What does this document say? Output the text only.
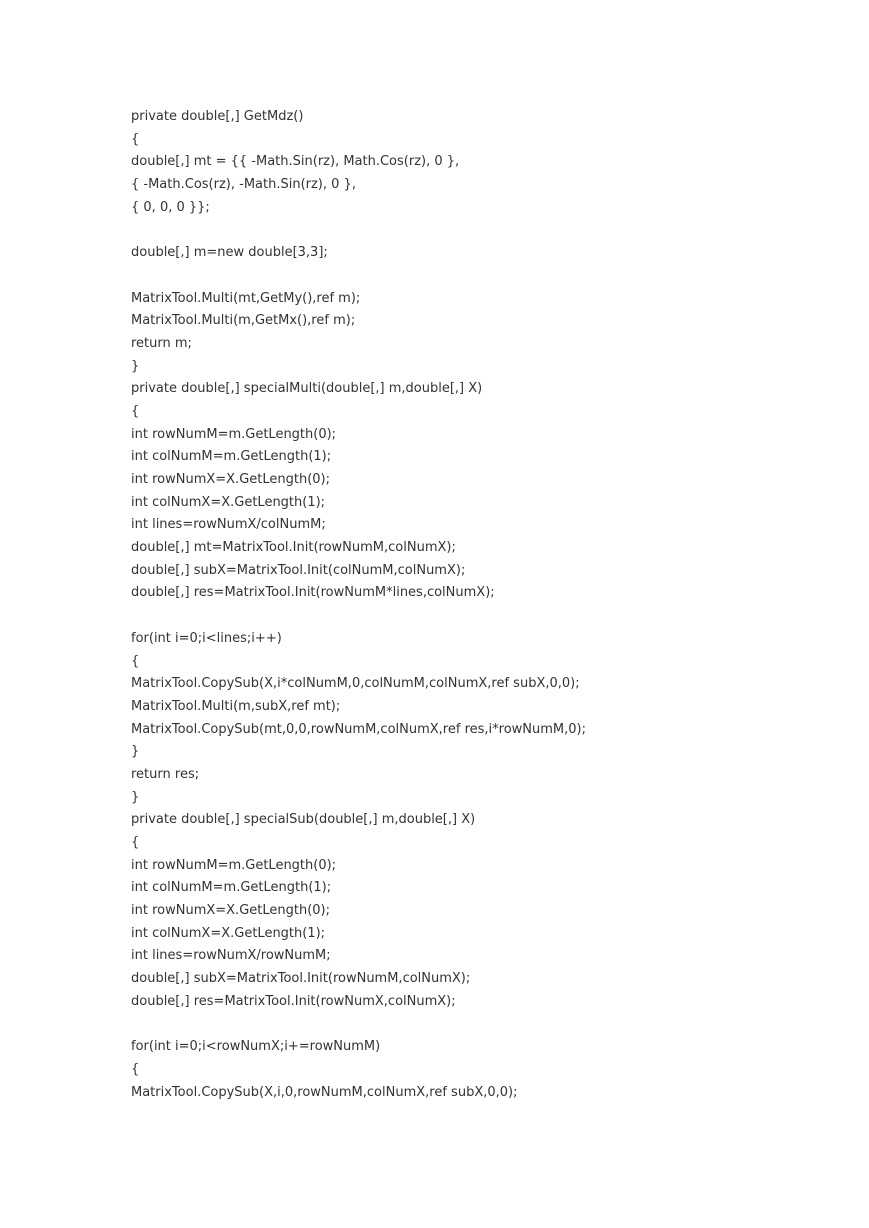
private double[,] GetMdz()
{
double[,] mt = {{ -Math.Sin(rz), Math.Cos(rz), 0 },
{ -Math.Cos(rz), -Math.Sin(rz), 0 },
{ 0, 0, 0 }};
double[,] m=new double[3,3];
MatrixTool.Multi(mt,GetMy(),ref m);
MatrixTool.Multi(m,GetMx(),ref m);
return m;
}
private double[,] specialMulti(double[,] m,double[,] X)
{
int rowNumM=m.GetLength(0);
int colNumM=m.GetLength(1);
int rowNumX=X.GetLength(0);
int colNumX=X.GetLength(1);
int lines=rowNumX/colNumM;
double[,] mt=MatrixTool.Init(rowNumM,colNumX);
double[,] subX=MatrixTool.Init(colNumM,colNumX);
double[,] res=MatrixTool.Init(rowNumM*lines,colNumX);
for(int i=0;i<lines;i++)
{
MatrixTool.CopySub(X,i*colNumM,0,colNumM,colNumX,ref subX,0,0);
MatrixTool.Multi(m,subX,ref mt);
MatrixTool.CopySub(mt,0,0,rowNumM,colNumX,ref res,i*rowNumM,0);
}
return res;
}
private double[,] specialSub(double[,] m,double[,] X)
{
int rowNumM=m.GetLength(0);
int colNumM=m.GetLength(1);
int rowNumX=X.GetLength(0);
int colNumX=X.GetLength(1);
int lines=rowNumX/rowNumM;
double[,] subX=MatrixTool.Init(rowNumM,colNumX);
double[,] res=MatrixTool.Init(rowNumX,colNumX);
for(int i=0;i<rowNumX;i+=rowNumM)
{
MatrixTool.CopySub(X,i,0,rowNumM,colNumX,ref subX,0,0);
